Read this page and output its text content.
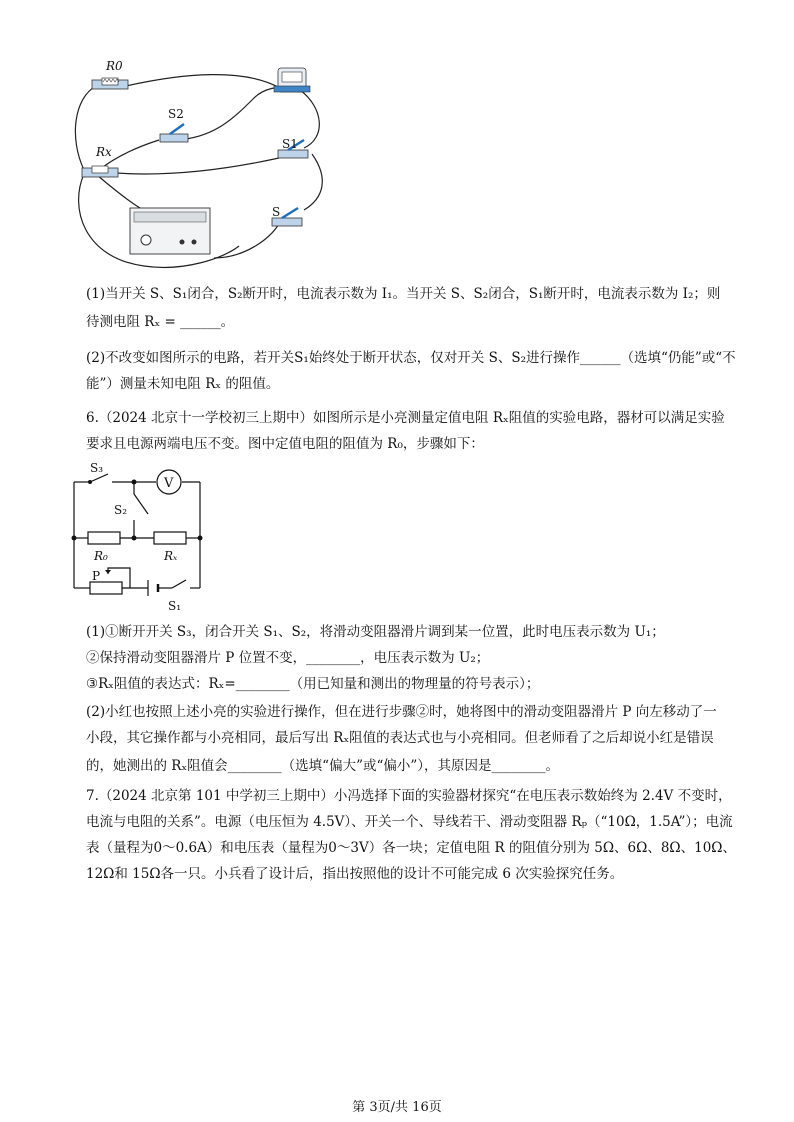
R0
S2
Rx
S1
S
(1)当开关 S、S₁闭合，S₂断开时，电流表示数为 I₁。当开关 S、S₂闭合，S₁断开时，电流表示数为 I₂；则
待测电阻 Rₓ = ______。
(2)不改变如图所示的电路，若开关S₁始终处于断开状态，仅对开关 S、S₂进行操作______（选填“仍能”或“不
能”）测量未知电阻 Rₓ 的阻值。
6.（2024 北京十一学校初三上期中）如图所示是小亮测量定值电阻 Rₓ阻值的实验电路，器材可以满足实验
要求且电源两端电压不变。图中定值电阻的阻值为 R₀，步骤如下：
V
S₃
S₂
R₀	Rₓ
P
S₁
(1)①断开开关 S₃，闭合开关 S₁、S₂，将滑动变阻器滑片调到某一位置，此时电压表示数为 U₁；
②保持滑动变阻器滑片 P 位置不变，________，电压表示数为 U₂；
③Rₓ阻值的表达式：Rₓ=________（用已知量和测出的物理量的符号表示）；
(2)小红也按照上述小亮的实验进行操作，但在进行步骤②时，她将图中的滑动变阻器滑片 P 向左移动了一
小段，其它操作都与小亮相同，最后写出 Rₓ阻值的表达式也与小亮相同。但老师看了之后却说小红是错误
的，她测出的 Rₓ阻值会________（选填“偏大”或“偏小”），其原因是________。
7.（2024 北京第 101 中学初三上期中）小冯选择下面的实验器材探究“在电压表示数始终为 2.4V 不变时，
电流与电阻的关系”。电源（电压恒为 4.5V）、开关一个、导线若干、滑动变阻器 Rₚ（“10Ω，1.5A”）；电流
表（量程为0～0.6A）和电压表（量程为0～3V）各一块；定值电阻 R 的阻值分别为 5Ω、6Ω、8Ω、10Ω、
12Ω和 15Ω各一只。小兵看了设计后，指出按照他的设计不可能完成 6 次实验探究任务。
第 3页/共 16页
